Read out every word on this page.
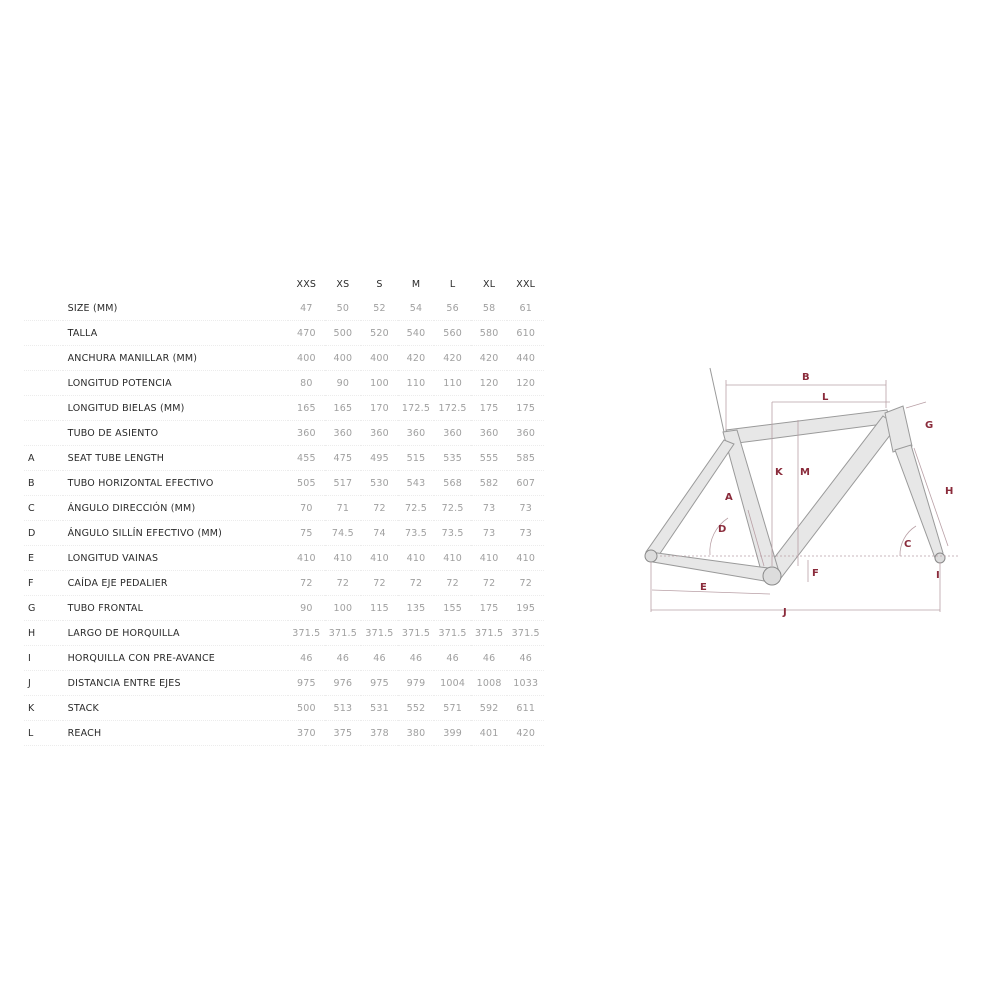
		XXS	XS	S	M	L	XL	XXL
	SIZE (MM)	47	50	52	54	56	58	61
	TALLA	470	500	520	540	560	580	610
	ANCHURA MANILLAR (MM)	400	400	400	420	420	420	440
	LONGITUD POTENCIA	80	90	100	110	110	120	120
	LONGITUD BIELAS (MM)	165	165	170	172.5	172.5	175	175
	TUBO DE ASIENTO	360	360	360	360	360	360	360
A	SEAT TUBE LENGTH	455	475	495	515	535	555	585
B	TUBO HORIZONTAL EFECTIVO	505	517	530	543	568	582	607
C	ÁNGULO DIRECCIÓN (MM)	70	71	72	72.5	72.5	73	73
D	ÁNGULO SILLÍN EFECTIVO (MM)	75	74.5	74	73.5	73.5	73	73
E	LONGITUD VAINAS	410	410	410	410	410	410	410
F	CAÍDA EJE PEDALIER	72	72	72	72	72	72	72
G	TUBO FRONTAL	90	100	115	135	155	175	195
H	LARGO DE HORQUILLA	371.5	371.5	371.5	371.5	371.5	371.5	371.5
I	HORQUILLA CON PRE-AVANCE	46	46	46	46	46	46	46
J	DISTANCIA ENTRE EJES	975	976	975	979	1004	1008	1033
K	STACK	500	513	531	552	571	592	611
L	REACH	370	375	378	380	399	401	420
B
L
K M
G
H
A
D
C
F	I
E
J
